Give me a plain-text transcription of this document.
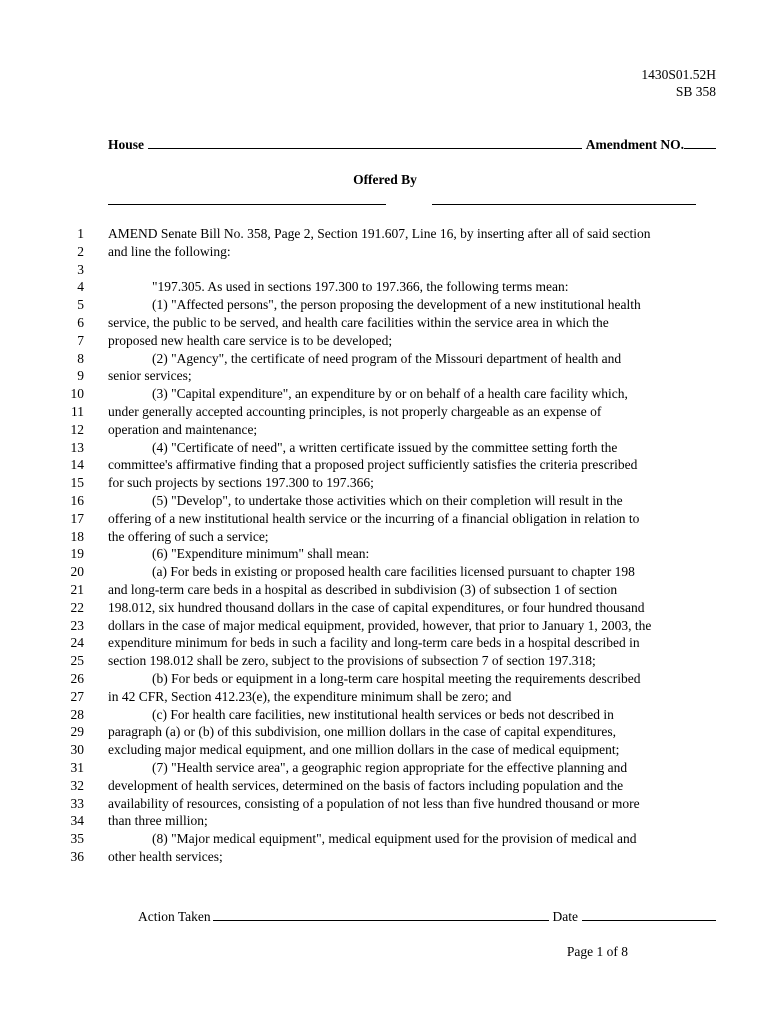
1430S01.52H
SB 358
House	Amendment NO.
Offered By
1 AMEND Senate Bill No. 358, Page 2, Section 191.607, Line 16, by inserting after all of said section
2 and line the following:
3
4	"197.305. As used in sections 197.300 to 197.366, the following terms mean:
5	(1) "Affected persons", the person proposing the development of a new institutional health
6 service, the public to be served, and health care facilities within the service area in which the
7 proposed new health care service is to be developed;
8	(2) "Agency", the certificate of need program of the Missouri department of health and
9 senior services;
10	(3) "Capital expenditure", an expenditure by or on behalf of a health care facility which,
11 under generally accepted accounting principles, is not properly chargeable as an expense of
12 operation and maintenance;
13	(4) "Certificate of need", a written certificate issued by the committee setting forth the
14 committee's affirmative finding that a proposed project sufficiently satisfies the criteria prescribed
15 for such projects by sections 197.300 to 197.366;
16	(5) "Develop", to undertake those activities which on their completion will result in the
17 offering of a new institutional health service or the incurring of a financial obligation in relation to
18 the offering of such a service;
19	(6) "Expenditure minimum" shall mean:
20	(a) For beds in existing or proposed health care facilities licensed pursuant to chapter 198
21 and long-term care beds in a hospital as described in subdivision (3) of subsection 1 of section
22 198.012, six hundred thousand dollars in the case of capital expenditures, or four hundred thousand
23 dollars in the case of major medical equipment, provided, however, that prior to January 1, 2003, the
24 expenditure minimum for beds in such a facility and long-term care beds in a hospital described in
25 section 198.012 shall be zero, subject to the provisions of subsection 7 of section 197.318;
26	(b) For beds or equipment in a long-term care hospital meeting the requirements described
27 in 42 CFR, Section 412.23(e), the expenditure minimum shall be zero; and
28	(c) For health care facilities, new institutional health services or beds not described in
29 paragraph (a) or (b) of this subdivision, one million dollars in the case of capital expenditures,
30 excluding major medical equipment, and one million dollars in the case of medical equipment;
31	(7) "Health service area", a geographic region appropriate for the effective planning and
32 development of health services, determined on the basis of factors including population and the
33 availability of resources, consisting of a population of not less than five hundred thousand or more
34 than three million;
35	(8) "Major medical equipment", medical equipment used for the provision of medical and
36 other health services;
Action Taken	Date
Page 1 of 8
